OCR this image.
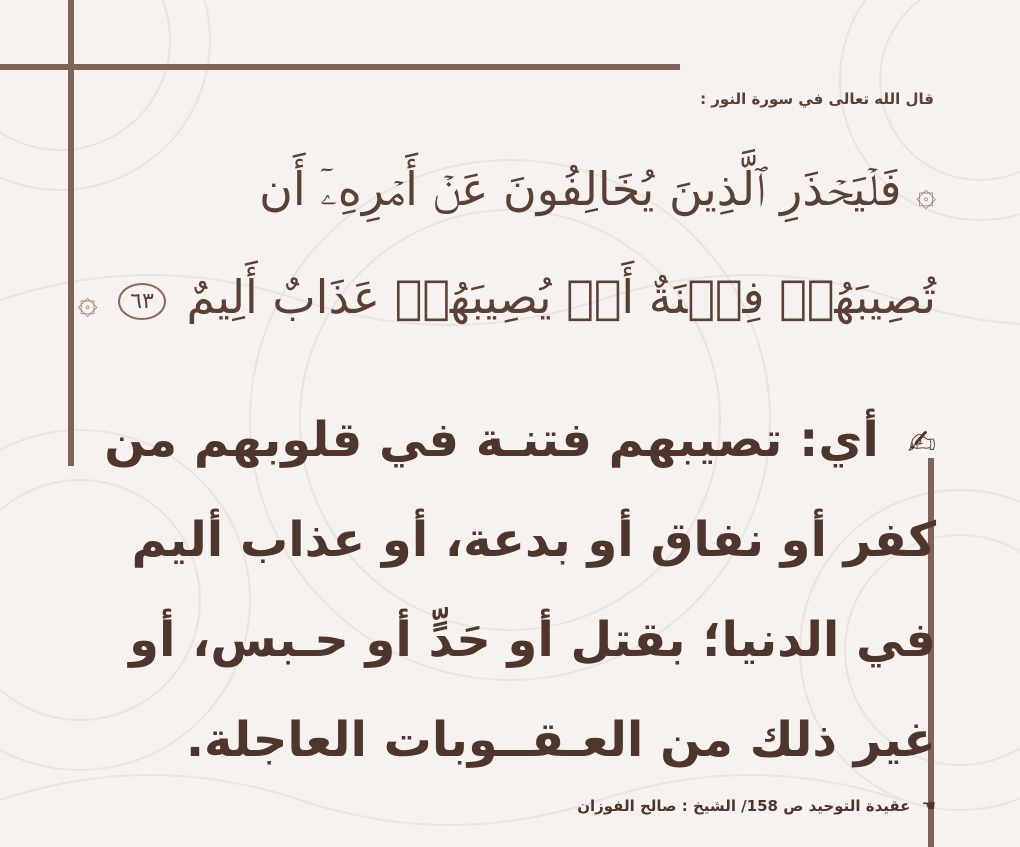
قال الله تعالى في سورة النور :

۞ فَلۡيَحۡذَرِ ٱلَّذِينَ يُخَالِفُونَ عَنۡ أَمۡرِهِۦٓ أَن

تُصِيبَهُمۡ فِتۡنَةٌ أَوۡ يُصِيبَهُمۡ عَذَابٌ أَلِيمٌ ٦٣ ۞

✍ أي: تصيبهم فتنـة في قلوبهم من

كفر أو نفاق أو بدعة، أو عذاب أليم

في الدنيا؛ بقتل أو حَدٍّ أو حـبس، أو

غير ذلك من العـقــوبات العاجلة.

☚ عقيدة التوحيد ص 158/ الشيخ : صالح الفوزان
